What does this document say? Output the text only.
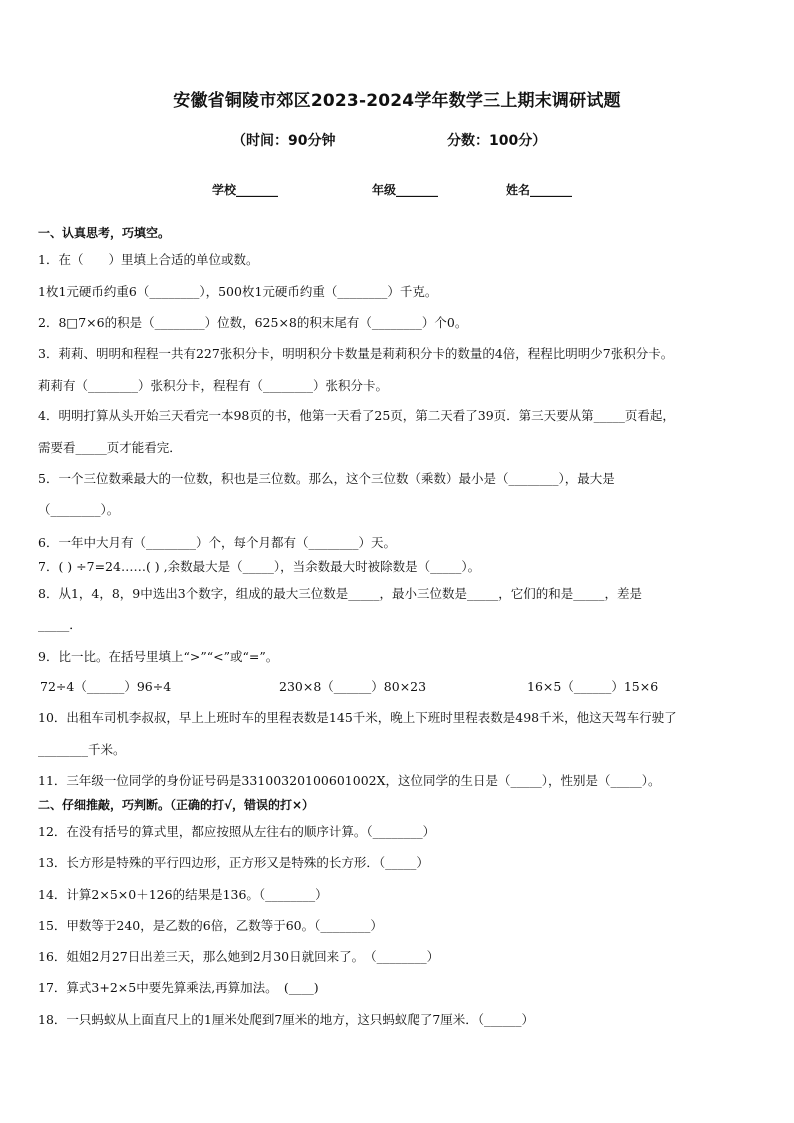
安徽省铜陵市郊区2023-2024学年数学三上期末调研试题
（时间：90分钟	分数：100分）
学校_______	年级_______	姓名_______
一、认真思考，巧填空。
1．在（　　）里填上合适的单位或数。
1枚1元硬币约重6（________），500枚1元硬币约重（________）千克。
2．8□7×6的积是（________）位数，625×8的积末尾有（________）个0。
3．莉莉、明明和程程一共有227张积分卡，明明积分卡数量是莉莉积分卡的数量的4倍，程程比明明少7张积分卡。
莉莉有（________）张积分卡，程程有（________）张积分卡。
4．明明打算从头开始三天看完一本98页的书，他第一天看了25页，第二天看了39页．第三天要从第_____页看起，
需要看_____页才能看完．
5．一个三位数乘最大的一位数，积也是三位数。那么，这个三位数（乘数）最小是（________），最大是
（________）。
6．一年中大月有（________）个，每个月都有（________）天。
7．( ) ÷7=24……( ) ,余数最大是（_____），当余数最大时被除数是（_____）。
8．从1，4，8，9中选出3个数字，组成的最大三位数是_____，最小三位数是_____，它们的和是_____，差是
_____．
9．比一比。在括号里填上“>”“<”或“=”。
72÷4（______）96÷4	230×8（______）80×23	16×5（______）15×6
10．出租车司机李叔叔，早上上班时车的里程表数是145千米，晚上下班时里程表数是498千米，他这天驾车行驶了
________千米。
11．三年级一位同学的身份证号码是33100320100601002X，这位同学的生日是（_____），性别是（_____）。
二、仔细推敲，巧判断。（正确的打√，错误的打×）
12．在没有括号的算式里，都应按照从左往右的顺序计算。（________）
13．长方形是特殊的平行四边形，正方形又是特殊的长方形．（_____）
14．计算2×5×0＋126的结果是136。（________）
15．甲数等于240，是乙数的6倍，乙数等于60。（________）
16．姐姐2月27日出差三天，那么她到2月30日就回来了。　（________）
17．算式3+2×5中要先算乘法,再算加法。　(____)
18．一只蚂蚁从上面直尺上的1厘米处爬到7厘米的地方，这只蚂蚁爬了7厘米．（______）
